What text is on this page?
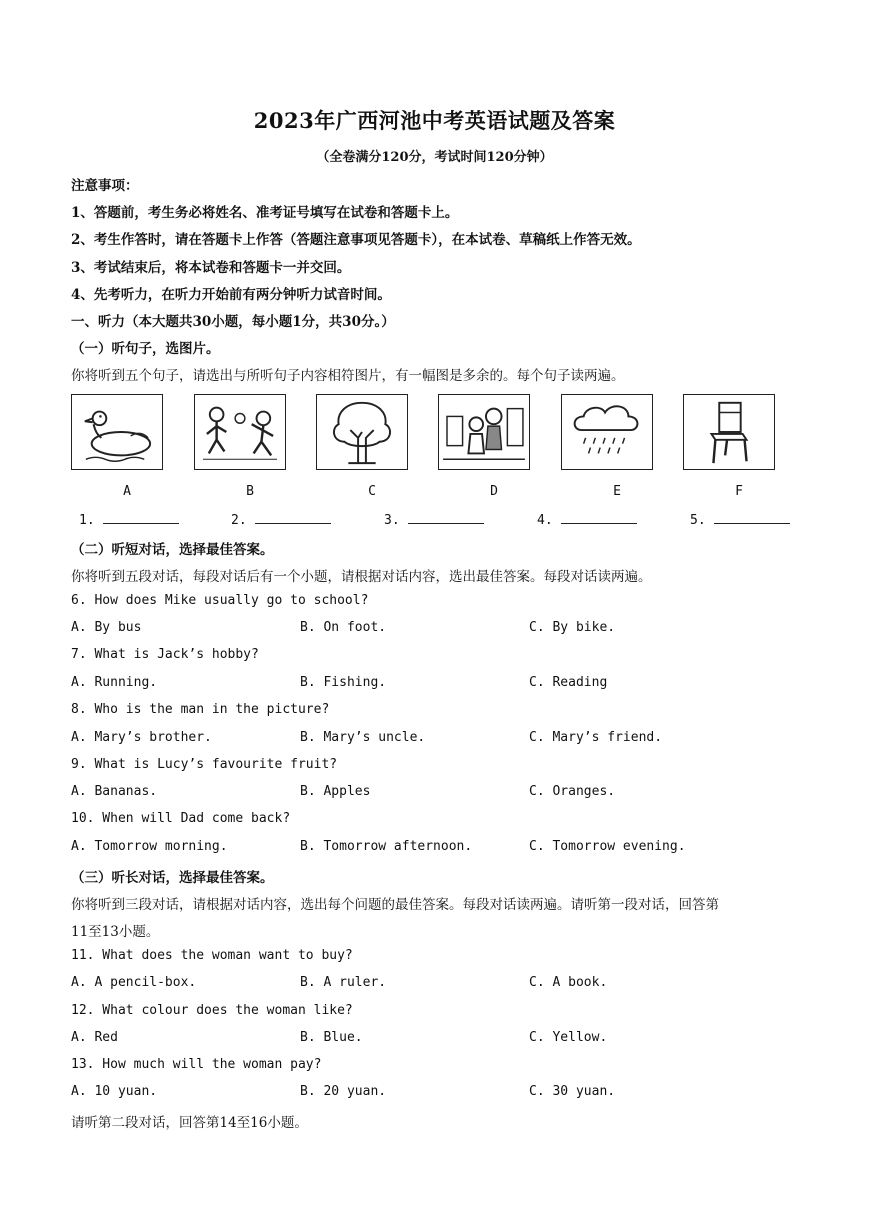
2023年广西河池中考英语试题及答案
（全卷满分120分，考试时间120分钟）
注意事项：
1、答题前，考生务必将姓名、准考证号填写在试卷和答题卡上。
2、考生作答时，请在答题卡上作答（答题注意事项见答题卡），在本试卷、草稿纸上作答无效。
3、考试结束后，将本试卷和答题卡一并交回。
4、先考听力，在听力开始前有两分钟听力试音时间。
一、听力（本大题共30小题，每小题1分，共30分。）
（一）听句子，选图片。
你将听到五个句子，请选出与所听句子内容相符图片，有一幅图是多余的。每个句子读两遍。
A	B	C	D	E	F
1.	2.	3.	4.	5.
（二）听短对话，选择最佳答案。
你将听到五段对话，每段对话后有一个小题，请根据对话内容，选出最佳答案。每段对话读两遍。
6. How does Mike usually go to school?
A. By bus	B. On foot.	C. By bike.
7. What is Jack’s hobby?
A. Running.	B. Fishing.	C. Reading
8. Who is the man in the picture?
A. Mary’s brother.	B. Mary’s uncle.	C. Mary’s friend.
9. What is Lucy’s favourite fruit?
A. Bananas.	B. Apples	C. Oranges.
10. When will Dad come back?
A. Tomorrow morning.	B. Tomorrow afternoon.	C. Tomorrow evening.
（三）听长对话，选择最佳答案。
你将听到三段对话，请根据对话内容，选出每个问题的最佳答案。每段对话读两遍。请听第一段对话，回答第
11至13小题。
11. What does the woman want to buy?
A. A pencil-box.	B. A ruler.	C. A book.
12. What colour does the woman like?
A. Red	B. Blue.	C. Yellow.
13. How much will the woman pay?
A. 10 yuan.	B. 20 yuan.	C. 30 yuan.
请听第二段对话，回答第14至16小题。
